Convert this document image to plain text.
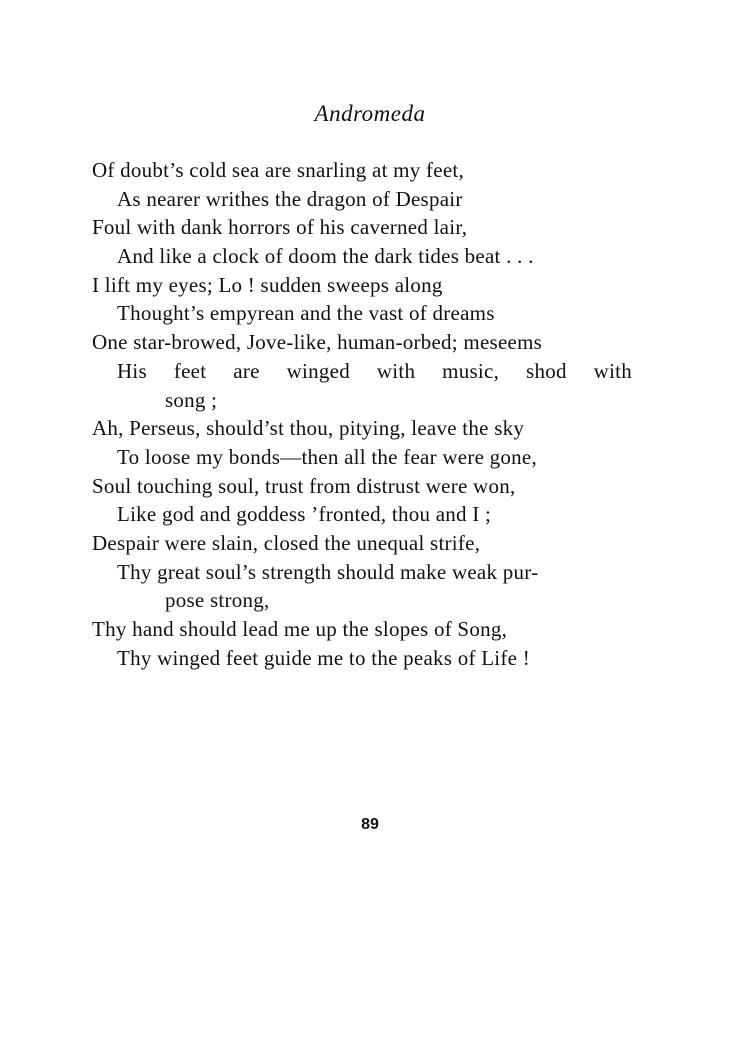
Andromeda
Of doubt’s cold sea are snarling at my feet,
As nearer writhes the dragon of Despair
Foul with dank horrors of his caverned lair,
And like a clock of doom the dark tides beat . . .
I lift my eyes; Lo ! sudden sweeps along
Thought’s empyrean and the vast of dreams
One star-browed, Jove-like, human-orbed; meseems
His feet are winged with music, shod with
song ;
Ah, Perseus, should’st thou, pitying, leave the sky
To loose my bonds—then all the fear were gone,
Soul touching soul, trust from distrust were won,
Like god and goddess ’fronted, thou and I ;
Despair were slain, closed the unequal strife,
Thy great soul’s strength should make weak pur-
pose strong,
Thy hand should lead me up the slopes of Song,
Thy winged feet guide me to the peaks of Life !
89
